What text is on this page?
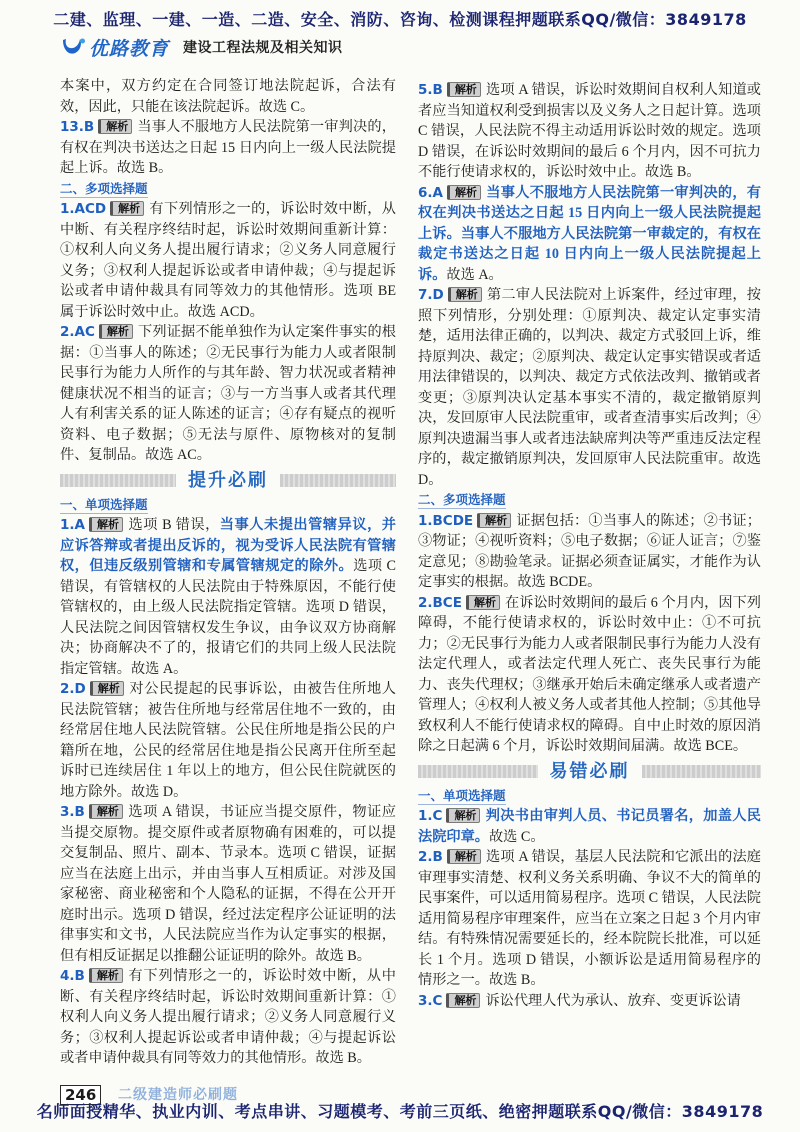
二建、监理、一建、一造、二造、安全、消防、咨询、检测课程押题联系QQ/微信：3849178
优路教育 建设工程法规及相关知识

本案中，双方约定在合同签订地法院起诉，合法有效，因此，只能在该法院起诉。故选 C。

13.B 解析 当事人不服地方人民法院第一审判决的，有权在判决书送达之日起 15 日内向上一级人民法院提起上诉。故选 B。

二、多项选择题

1.ACD 解析 有下列情形之一的，诉讼时效中断，从中断、有关程序终结时起，诉讼时效期间重新计算：①权利人向义务人提出履行请求；②义务人同意履行义务；③权利人提起诉讼或者申请仲裁；④与提起诉讼或者申请仲裁具有同等效力的其他情形。选项 BE 属于诉讼时效中止。故选 ACD。

2.AC 解析 下列证据不能单独作为认定案件事实的根据：①当事人的陈述；②无民事行为能力人或者限制民事行为能力人所作的与其年龄、智力状况或者精神健康状况不相当的证言；③与一方当事人或者其代理人有利害关系的证人陈述的证言；④存有疑点的视听资料、电子数据；⑤无法与原件、原物核对的复制件、复制品。故选 AC。

提升必刷
一、单项选择题

1.A 解析 选项 B 错误，当事人未提出管辖异议，并应诉答辩或者提出反诉的，视为受诉人民法院有管辖权，但违反级别管辖和专属管辖规定的除外。选项 C 错误，有管辖权的人民法院由于特殊原因，不能行使管辖权的，由上级人民法院指定管辖。选项 D 错误，人民法院之间因管辖权发生争议，由争议双方协商解决；协商解决不了的，报请它们的共同上级人民法院指定管辖。故选 A。

2.D 解析 对公民提起的民事诉讼，由被告住所地人民法院管辖；被告住所地与经常居住地不一致的，由经常居住地人民法院管辖。公民住所地是指公民的户籍所在地，公民的经常居住地是指公民离开住所至起诉时已连续居住 1 年以上的地方，但公民住院就医的地方除外。故选 D。

3.B 解析 选项 A 错误，书证应当提交原件，物证应当提交原物。提交原件或者原物确有困难的，可以提交复制品、照片、副本、节录本。选项 C 错误，证据应当在法庭上出示，并由当事人互相质证。对涉及国家秘密、商业秘密和个人隐私的证据，不得在公开开庭时出示。选项 D 错误，经过法定程序公证证明的法律事实和文书，人民法院应当作为认定事实的根据，但有相反证据足以推翻公证证明的除外。故选 B。

4.B 解析 有下列情形之一的，诉讼时效中断，从中断、有关程序终结时起，诉讼时效期间重新计算：①权利人向义务人提出履行请求；②义务人同意履行义务；③权利人提起诉讼或者申请仲裁；④与提起诉讼或者申请仲裁具有同等效力的其他情形。故选 B。

5.B 解析 选项 A 错误，诉讼时效期间自权利人知道或者应当知道权利受到损害以及义务人之日起计算。选项 C 错误，人民法院不得主动适用诉讼时效的规定。选项 D 错误，在诉讼时效期间的最后 6 个月内，因不可抗力不能行使请求权的，诉讼时效中止。故选 B。

6.A 解析 当事人不服地方人民法院第一审判决的，有权在判决书送达之日起 15 日内向上一级人民法院提起上诉。当事人不服地方人民法院第一审裁定的，有权在裁定书送达之日起 10 日内向上一级人民法院提起上诉。故选 A。

7.D 解析 第二审人民法院对上诉案件，经过审理，按照下列情形，分别处理：①原判决、裁定认定事实清楚，适用法律正确的，以判决、裁定方式驳回上诉，维持原判决、裁定；②原判决、裁定认定事实错误或者适用法律错误的，以判决、裁定方式依法改判、撤销或者变更；③原判决认定基本事实不清的，裁定撤销原判决，发回原审人民法院重审，或者查清事实后改判；④原判决遗漏当事人或者违法缺席判决等严重违反法定程序的，裁定撤销原判决，发回原审人民法院重审。故选 D。

二、多项选择题

1.BCDE 解析 证据包括：①当事人的陈述；②书证；③物证；④视听资料；⑤电子数据；⑥证人证言；⑦鉴定意见；⑧勘验笔录。证据必须查证属实，才能作为认定事实的根据。故选 BCDE。

2.BCE 解析 在诉讼时效期间的最后 6 个月内，因下列障碍，不能行使请求权的，诉讼时效中止：①不可抗力；②无民事行为能力人或者限制民事行为能力人没有法定代理人，或者法定代理人死亡、丧失民事行为能力、丧失代理权；③继承开始后未确定继承人或者遗产管理人；④权利人被义务人或者其他人控制；⑤其他导致权利人不能行使请求权的障碍。自中止时效的原因消除之日起满 6 个月，诉讼时效期间届满。故选 BCE。

易错必刷
一、单项选择题

1.C 解析 判决书由审判人员、书记员署名，加盖人民法院印章。故选 C。

2.B 解析 选项 A 错误，基层人民法院和它派出的法庭审理事实清楚、权利义务关系明确、争议不大的简单的民事案件，可以适用简易程序。选项 C 错误，人民法院适用简易程序审理案件，应当在立案之日起 3 个月内审结。有特殊情况需要延长的，经本院院长批准，可以延长 1 个月。选项 D 错误，小额诉讼是适用简易程序的情形之一。故选 B。

3.C 解析 诉讼代理人代为承认、放弃、变更诉讼请

246	二级建造师必刷题
名师面授精华、执业内训、考点串讲、习题模考、考前三页纸、绝密押题联系QQ/微信：3849178
